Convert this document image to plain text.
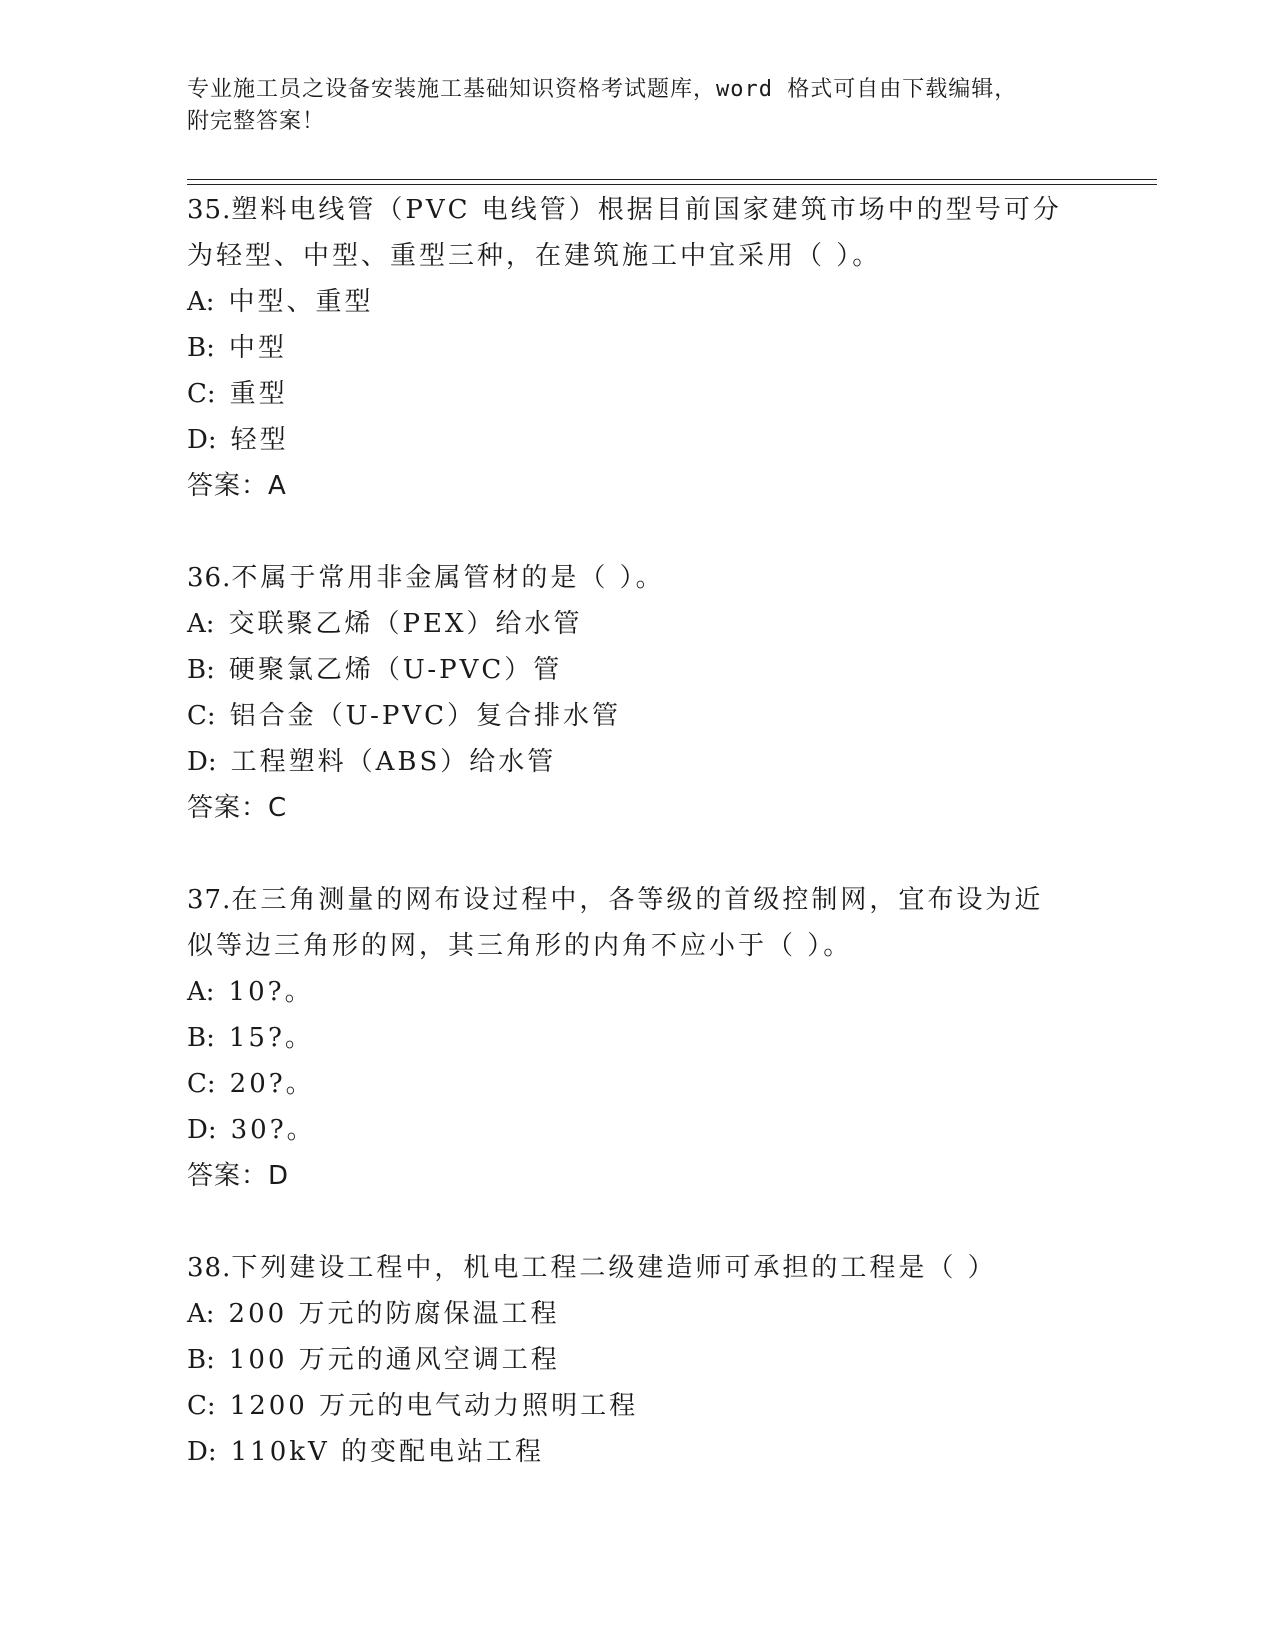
专业施工员之设备安装施工基础知识资格考试题库，word 格式可自由下载编辑，
附完整答案！

35.塑料电线管（PVC 电线管）根据目前国家建筑市场中的型号可分为轻型、中型、重型三种，在建筑施工中宜采用（ ）。

A: 中型、重型

B: 中型

C: 重型

D: 轻型

答案：A

36.不属于常用非金属管材的是（ ）。

A: 交联聚乙烯（PEX）给水管

B: 硬聚氯乙烯（U-PVC）管

C: 铝合金（U-PVC）复合排水管

D: 工程塑料（ABS）给水管

答案：C

37.在三角测量的网布设过程中，各等级的首级控制网，宜布设为近似等边三角形的网，其三角形的内角不应小于（ ）。

A: 10?。

B: 15?。

C: 20?。

D: 30?。

答案：D

38.下列建设工程中，机电工程二级建造师可承担的工程是（ ）

A: 200 万元的防腐保温工程

B: 100 万元的通风空调工程

C: 1200 万元的电气动力照明工程

D: 110kV 的变配电站工程
